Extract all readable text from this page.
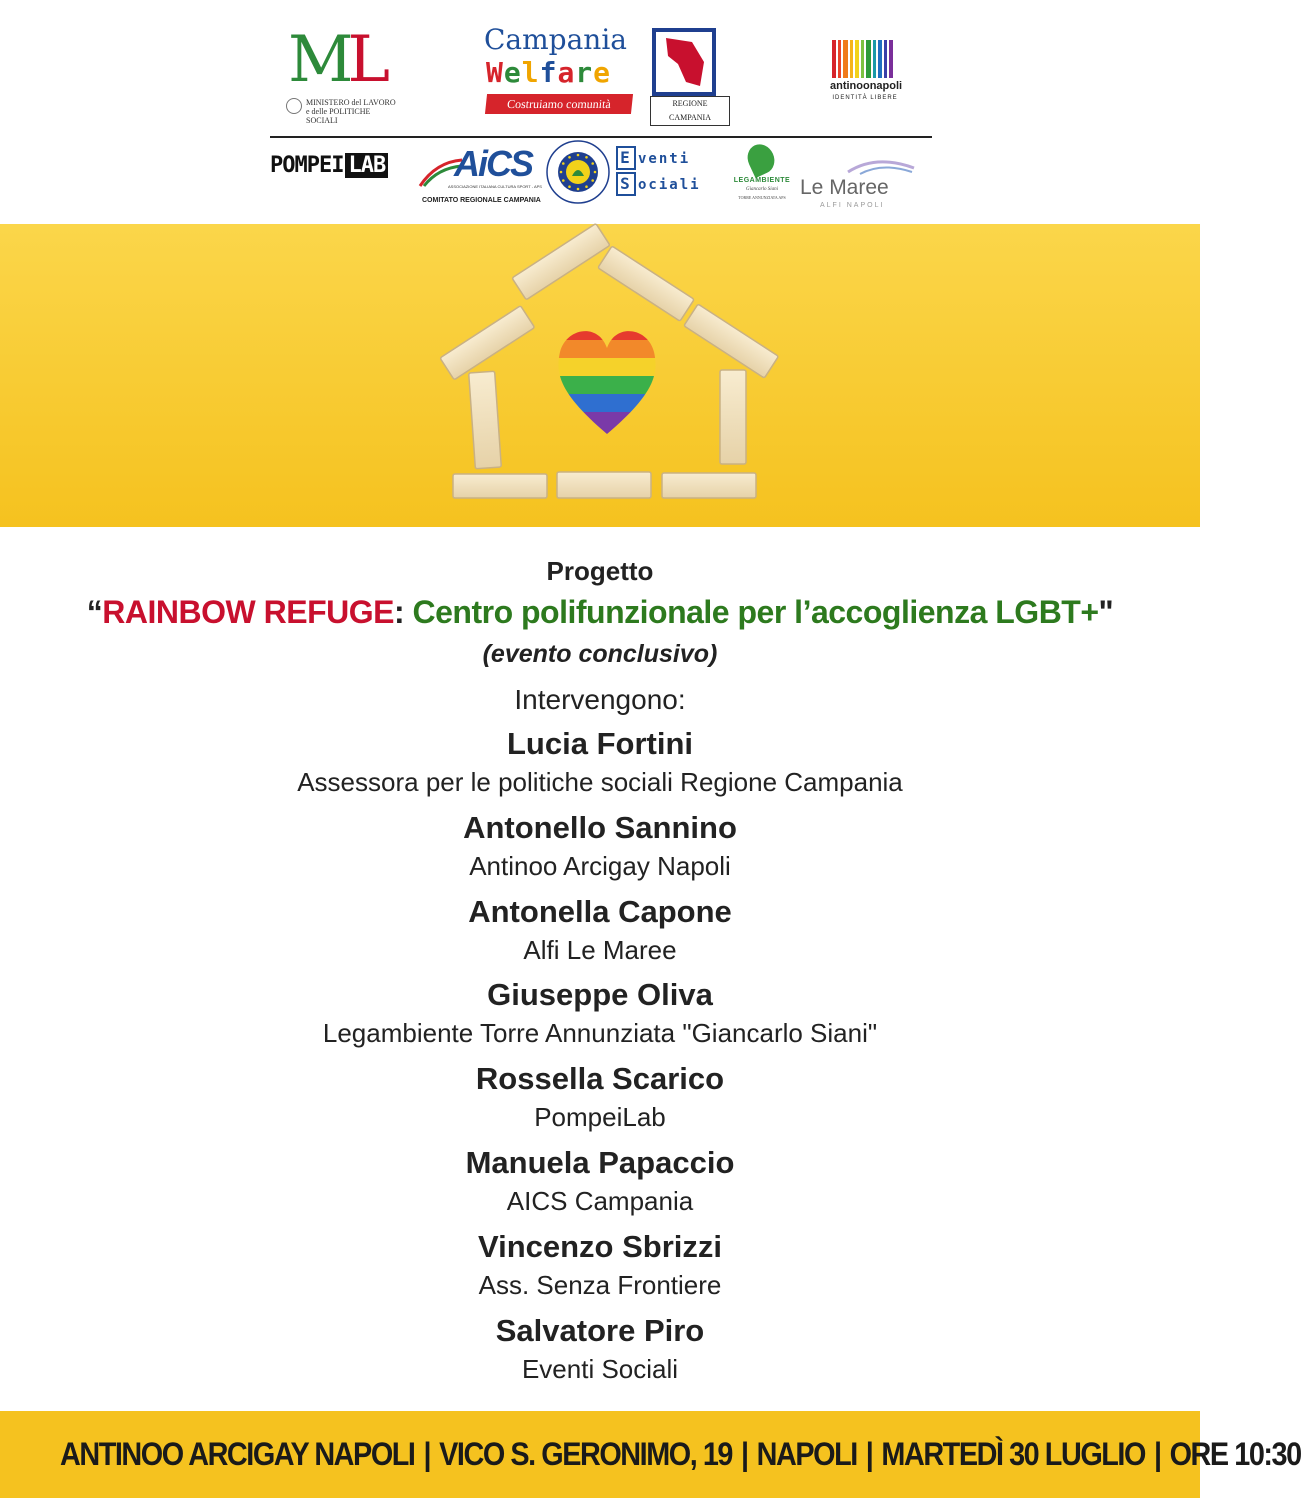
ML
MINISTERO del LAVORO
e delle POLITICHE SOCIALI
Campania
Welfare
Costruiamo comunità	REGIONE CAMPANIA
antinoonapoli
IDENTITÀ LIBERE
POMPEI LAB AiCS
ASSOCIAZIONE ITALIANA CULTURA SPORT - APS
COMITATO REGIONALE CAMPANIA
E venti
S ociali	LEGAMBIENTE
Giancarlo Siani
TORRE ANNUNZIATA APS Le Maree
ALFI NAPOLI
Progetto
“RAINBOW REFUGE: Centro polifunzionale per l’accoglienza LGBT+"
(evento conclusivo)
Intervengono:
Lucia Fortini
Assessora per le politiche sociali Regione Campania
Antonello Sannino
Antinoo Arcigay Napoli
Antonella Capone
Alfi Le Maree
Giuseppe Oliva
Legambiente Torre Annunziata "Giancarlo Siani"
Rossella Scarico
PompeiLab
Manuela Papaccio
AICS Campania
Vincenzo Sbrizzi
Ass. Senza Frontiere
Salvatore Piro
Eventi Sociali
ANTINOO ARCIGAY NAPOLI | VICO S. GERONIMO, 19 | NAPOLI | MARTEDÌ 30 LUGLIO | ORE 10:30
